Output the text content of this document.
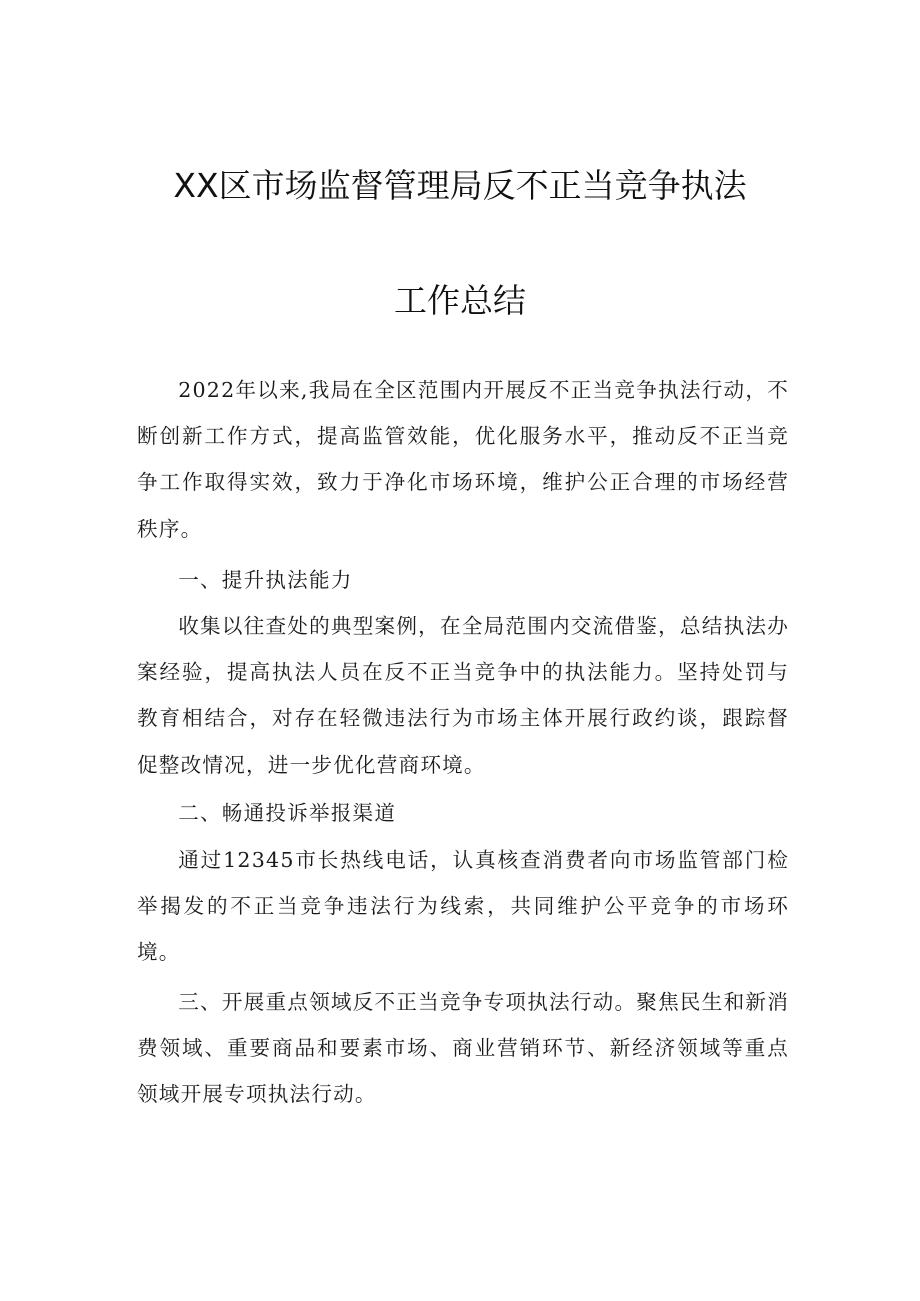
XX区市场监督管理局反不正当竞争执法
工作总结

2022年以来,我局在全区范围内开展反不正当竞争执法行动，不断创新工作方式，提高监管效能，优化服务水平，推动反不正当竞争工作取得实效，致力于净化市场环境，维护公正合理的市场经营秩序。

一、提升执法能力

收集以往查处的典型案例，在全局范围内交流借鉴，总结执法办案经验，提高执法人员在反不正当竞争中的执法能力。坚持处罚与教育相结合，对存在轻微违法行为市场主体开展行政约谈，跟踪督促整改情况，进一步优化营商环境。

二、畅通投诉举报渠道

通过12345市长热线电话，认真核查消费者向市场监管部门检举揭发的不正当竞争违法行为线索，共同维护公平竞争的市场环境。

三、开展重点领域反不正当竞争专项执法行动。聚焦民生和新消费领域、重要商品和要素市场、商业营销环节、新经济领域等重点领域开展专项执法行动。
